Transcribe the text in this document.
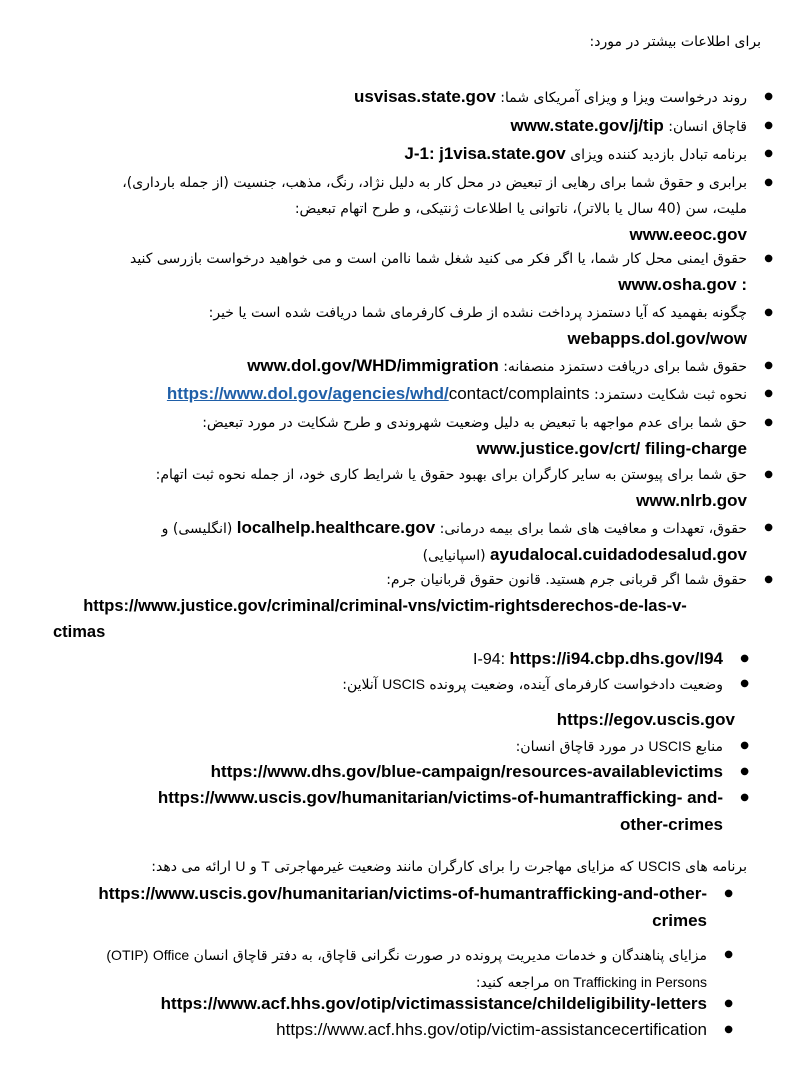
برای اطلاعات بیشتر در مورد:
● روند درخواست ویزا و ویزای آمریکای شما: usvisas.state.gov
● قاچاق انسان: www.state.gov/j/tip
● برنامه تبادل بازدید کننده ویزای J-1: j1visa.state.gov
● برابری و حقوق شما برای رهایی از تبعیض در محل کار به دلیل نژاد، رنگ، مذهب، جنسیت (از جمله بارداری)، ملیت، سن (40 سال یا بالاتر)، ناتوانی یا اطلاعات ژنتیکی، و طرح اتهام تبعیض:
www.eeoc.gov
● حقوق ایمنی محل کار شما، یا اگر فکر می کنید شغل شما ناامن است و می خواهید درخواست بازرسی کنید
www.osha.gov :
● چگونه بفهمید که آیا دستمزد پرداخت نشده از طرف کارفرمای شما دریافت شده است یا خیر:
webapps.dol.gov/wow
● حقوق شما برای دریافت دستمزد منصفانه: www.dol.gov/WHD/immigration
● نحوه ثبت شکایت دستمزد: https://www.dol.gov/agencies/whd/contact/complaints
● حق شما برای عدم مواجهه با تبعیض به دلیل وضعیت شهروندی و طرح شکایت در مورد تبعیض:
www.justice.gov/crt/ filing-charge
● حق شما برای پیوستن به سایر کارگران برای بهبود حقوق یا شرایط کاری خود، از جمله نحوه ثبت اتهام:
www.nlrb.gov
● حقوق، تعهدات و معافیت های شما برای بیمه درمانی: localhelp.healthcare.gov (انگلیسی) و
ayudalocal.cuidadodesalud.gov (اسپانیایی)
● حقوق شما اگر قربانی جرم هستید. قانون حقوق قربانیان جرم:
https://www.justice.gov/criminal/criminal-vns/victim-rightsderechos-de-las-v-
ctimas
● I-94: https://i94.cbp.dhs.gov/I94
● وضعیت دادخواست کارفرمای آینده، وضعیت پرونده USCIS آنلاین:
https://egov.uscis.gov
● منابع USCIS در مورد قاچاق انسان:
● https://www.dhs.gov/blue-campaign/resources-availablevictims
● https://www.uscis.gov/humanitarian/victims-of-humantrafficking- and-
other-crimes
برنامه های USCIS که مزایای مهاجرت را برای کارگران مانند وضعیت غیرمهاجرتی T و U ارائه می دهد:
● https://www.uscis.gov/humanitarian/victims-of-humantrafficking-and-other-
crimes
● مزایای پناهندگان و خدمات مدیریت پرونده در صورت نگرانی قاچاق، به دفتر قاچاق انسان (OTIP) Office
on Trafficking in Persons مراجعه کنید:
● https://www.acf.hhs.gov/otip/victimassistance/childeligibility-letters
● https://www.acf.hhs.gov/otip/victim-assistancecertification
